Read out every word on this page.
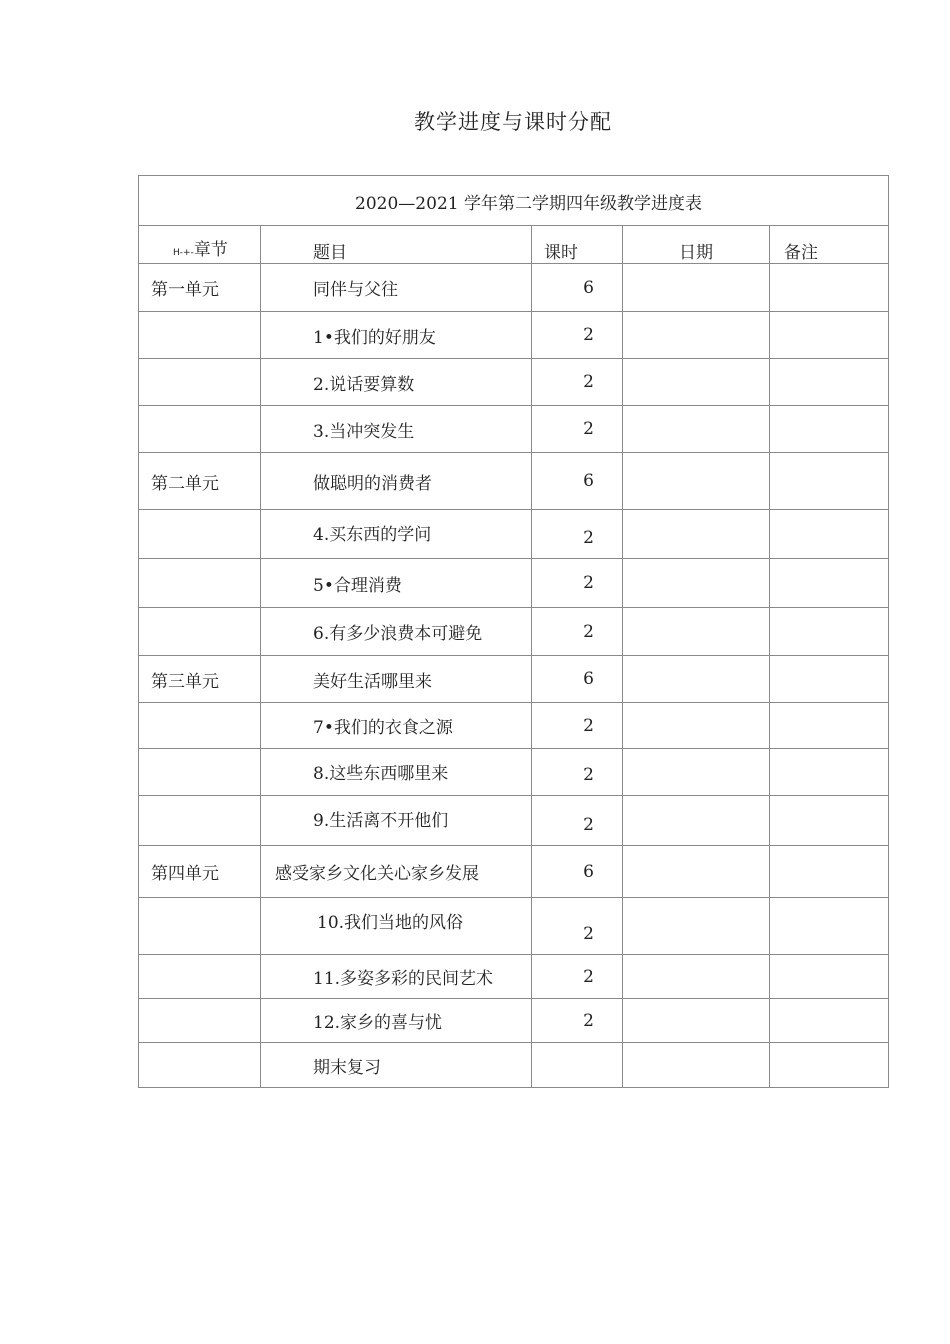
教学进度与课时分配
2020—2021 学年第二学期四年级教学进度表				
H-+-章节	题目	课时	日期	备注
第一单元	同伴与父往	6		
	1•我们的好朋友	2		
	2.说话要算数	2		
	3.当冲突发生	2		
第二单元	做聪明的消费者	6		
	4.买东西的学问	2		
	5•合理消费	2		
	6.有多少浪费本可避免	2		
第三单元	美好生活哪里来	6		
	7•我们的衣食之源	2		
	8.这些东西哪里来	2		
	9.生活离不开他们	2		
第四单元	感受家乡文化关心家乡发展	6		
	10.我们当地的风俗	2		
	11.多姿多彩的民间艺术	2		
	12.家乡的喜与忧	2		
	期末复习			
